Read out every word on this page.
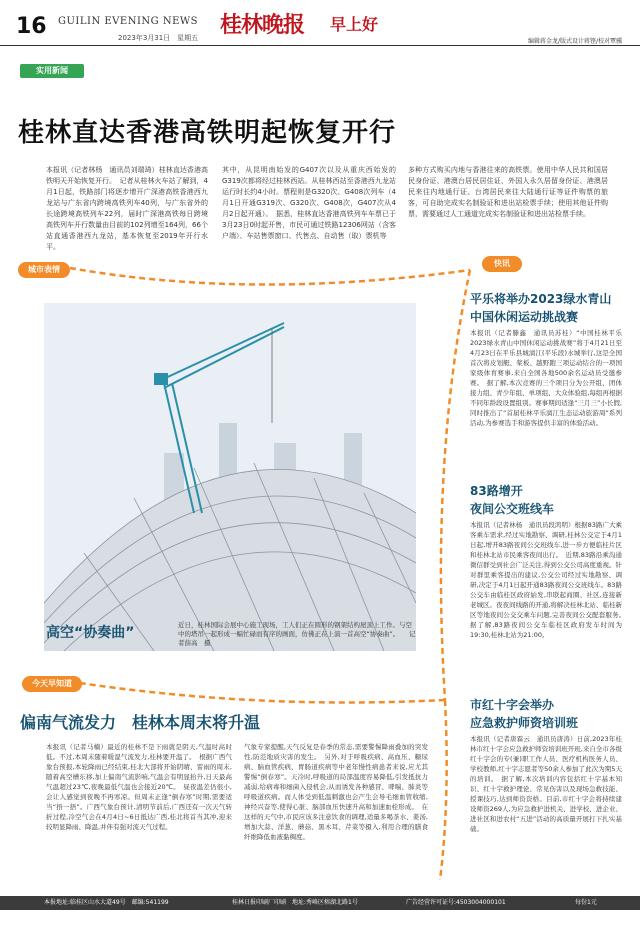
16 GUILIN EVENING NEWS 桂林晚报 早上好
2023年3月31日　星期五	编辑蒋金龙/版式设计蒋铿/校对覃骥
实用新闻
桂林直达香港高铁明起恢复开行
本报讯（记者林杨　通讯员刘瑞琦）桂林直达香港高铁明天开始恢复开行。　记者从桂林火车站了解到，4月1日起，铁路部门将逐步增开广深港高铁香港西九龙站与广东省内跨境高铁列车40列，与广东省外的长途跨境高铁列车22列，届时广深港高铁每日跨境高铁列车开行数量由目前的102列增至164列，66个站直通香港西九龙站，基本恢复至2019年开行水平。
其中，从昆明南始发的G407次以及从重庆西始发的G319次都将经过桂林西站。从桂林西站至香港西九龙站运行时长约4小时。票程则是G320次、G408次列车（4月1日开通G319次、G320次、G408次，G407次从4月2日起开通）。　据悉，桂林直达香港高铁列车车票已于3月23日0时起开售，市民可通过铁路12306网站（含客户端）、车站售票窗口、代售点、自动售（取）票机等
多种方式购买内地与香港往来的高铁票。使用中华人民共和国居民身份证、港澳台居民居住证、外国人永久居留身份证、港澳居民来往内地通行证、台湾居民来往大陆通行证等证件购票的旅客，可自助完成实名制验证和进出站检票手续；使用其他证件购票，需要通过人工通道完成实名制验证和进出站检票手续。
城市表情
高空“协奏曲”	近日，桂林国际会展中心施工现场，工人们正在圆形的钢架结构屋顶上工作。与空中的塔吊一起形成一幅忙碌而有序的画面，仿佛正在上演一首高空“协奏曲”。　　记者薛高　摄
快讯
平乐将举办2023绿水青山
中国休闲运动挑战赛
本报讯（记者滕鑫　通讯员苏桂）“中国桂林平乐2023绿水青山中国休闲运动挑战赛”将于4月21日至4月23日在平乐县城漓江(平乐段)水城举行,这是全国首次将皮划艇、桨板、越野跑三项运动结合的一项国家级体育赛事,来自全国各地500余名运动员受邀参赛。　据了解,本次竞赛的三个项目分为公开组、团体接力组、青少年组、单项组、大众体验组,每组再根据不同年龄段设置组别。赛事期间适逢“三月三”小长假,同时推出了“首届桂林平乐漓江生态运动旅游周”系列活动,为参赛选手和游客提供丰富的体验活动。
83路增开
夜间公交班线车
本报讯（记者林杨　通讯员段鸿明）根据83路广大乘客乘车需求,经过实地勘察、调研,桂林公交定于4月1日起,增开83路夜间公交班线车,进一步方便临桂片区和桂林北站市民乘客夜间出行。　近期,83路沿乘沟通微信群受到社会广泛关注,得到公交公司高度重视。针对群里乘客提出的建议,公交公司经过实地勘察、调研,决定于4月1日起开通83路夜间公交班线车。83路公交车由临桂区政府始发,串联起商圈、社区,连接新老城区。夜夜间线路的开通,将解决桂林北站、临桂新区等地夜间公交交乘车问题,完善夜间公交配套服务。　据了解,83路夜间公交车临桂区政府发车时间为19:30,桂林北站为21:00。
市红十字会举办
应急救护师资培训班
本报讯（记者唐霖云　通讯员唐涛）日前,2023年桂林市红十字会应急救护师资培训班开班,来自全市各级红十字会的专(兼)职工作人员、医疗机构医务人员、学校教师,红十字志愿者等50余人参加了此次为期5天的培训。　据了解,本次培训内容包括红十字基本知识、红十字救护理论、常见伤害以及现场急救技能、授课技巧,达到师资资格。目前,市红十字会将持续建设师资269人,为应急救护进机关、进学校、进企业、进社区和进农村“五进”活动的高质量开展打下扎实基础。
今天早知道
偏南气流发力　桂林本周末将升温
本报讯（记者马楠）最近的桂林不是下雨就是阴天,气温时高时低。不过,本周末随着暖湿气流发力,桂林要开温了。　根据广西气象台预报,本轮降雨已经结束,桂北大部将开始阴晴、雷雨的周末,随着高空槽东移,加上偏南气流影响,气温会有明显抬升,日天最高气温超过23℃,夜晚最低气温也会接近20℃。　昼夜温差仍很小,会让人感觉到夜晚不再寒凉。但周末正逢“倒春寒”时期,需要适当“捂一捂”。广西气象台预计,清明节前后,广西还有一次天气转折过程,冷空气会在4月4日~6日抵达广西,桂北将首当其冲,迎来较明显降雨、降温,并伴有强对流天气过程。
气象专家提醒,天气反复是春季的常态,需要警惕降雨叠加的突发性,防范地质灾害的发生。　另外,对于呼吸疾病、高血压、糖尿病、脑血管疾病、胃肠道疾病等中老年慢性病患者来说,应尤其警惕“倒春寒”。天冷时,呼吸道的局部温度容易降低,引发抵抗力减弱,给病毒和细菌入侵机会,从而诱发各种感冒、哮喘、肺炎等呼吸道疾病。而人体受到低温刺激也会产生会导毛细血管收缩,神经兴奋等,使得心脏、脑部血压快速升高和加速血栓形成。　在这样的天气中,市民应该多注意饮食的调理,适量多喝茶水、姜汤,增加大蒜、洋葱、蘑菇、黑木耳、芹菜等摄入,利用合理的膳食纤维降低血液黏稠度。
本报地址:临桂区山水大道49号　邮编:541199	桂林日报印刷厂印刷　地址:秀峰区榕湖北路1号	广告经营许可证号:4503004000101	每份1元
